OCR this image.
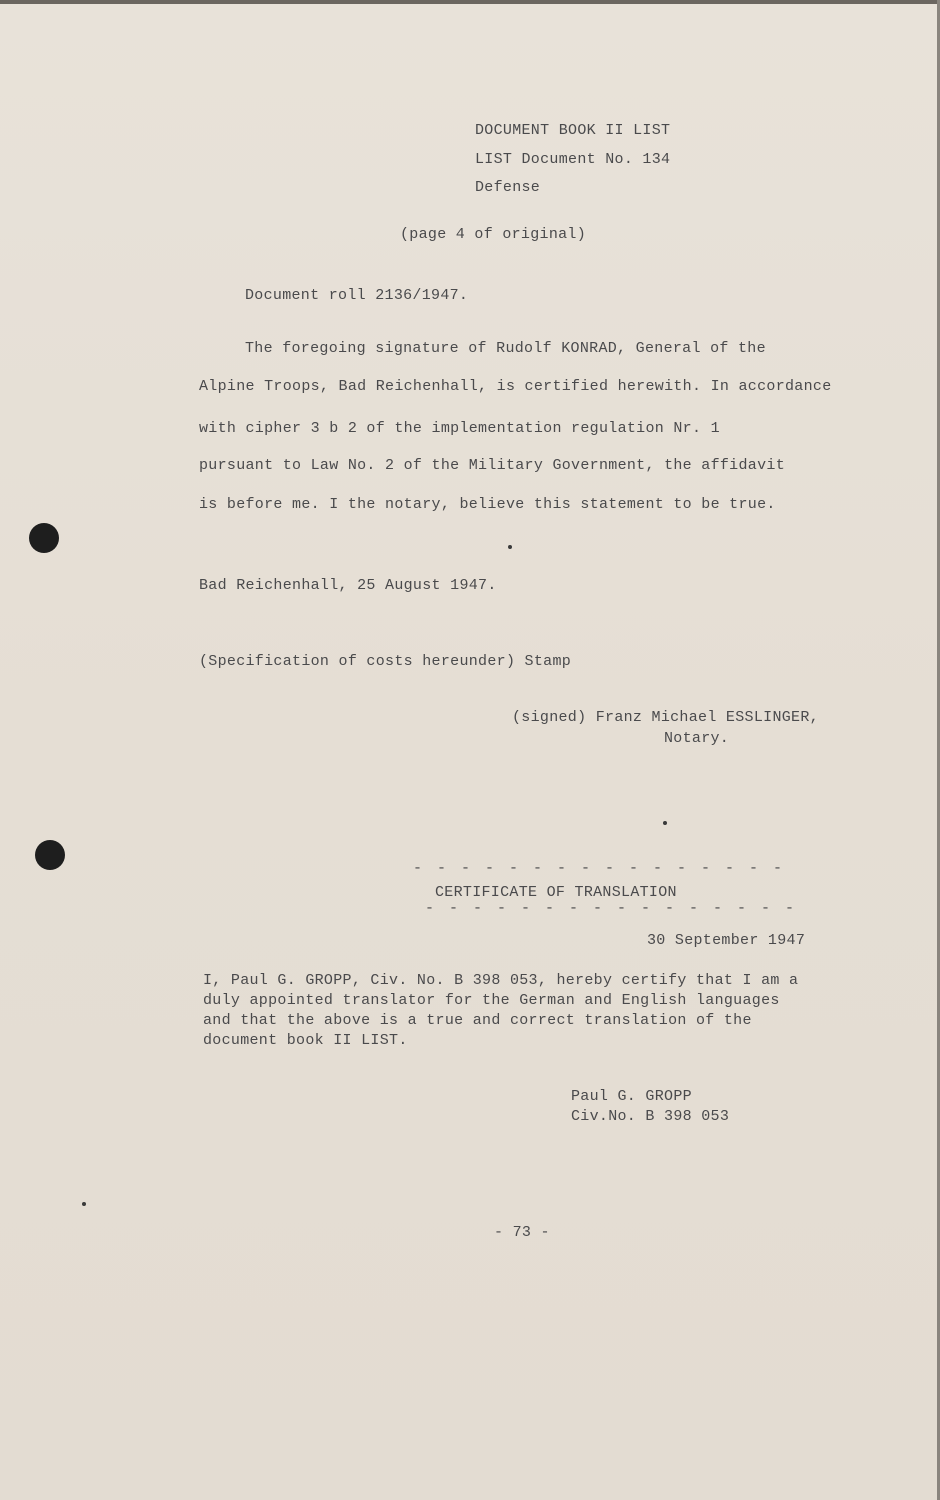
DOCUMENT BOOK II LIST
LIST Document No. 134
Defense
(page 4 of original)
Document roll 2136/1947.
The foregoing signature of Rudolf KONRAD, General of the
Alpine Troops, Bad Reichenhall, is certified herewith. In accordance
with cipher 3 b 2 of the implementation regulation Nr. 1
pursuant to Law No. 2 of the Military Government, the affidavit
is before me. I the notary, believe this statement to be true.
Bad Reichenhall, 25 August 1947.
(Specification of costs hereunder) Stamp
(signed) Franz Michael ESSLINGER,
Notary.
- - - - - - - - - - - - - - - -
CERTIFICATE OF TRANSLATION
- - - - - - - - - - - - - - - -
30 September 1947
I, Paul G. GROPP, Civ. No. B 398 053, hereby certify that I am a
duly appointed translator for the German and English languages
and that the above is a true and correct translation of the
document book II LIST.
Paul G. GROPP
Civ.No. B 398 053
- 73 -
